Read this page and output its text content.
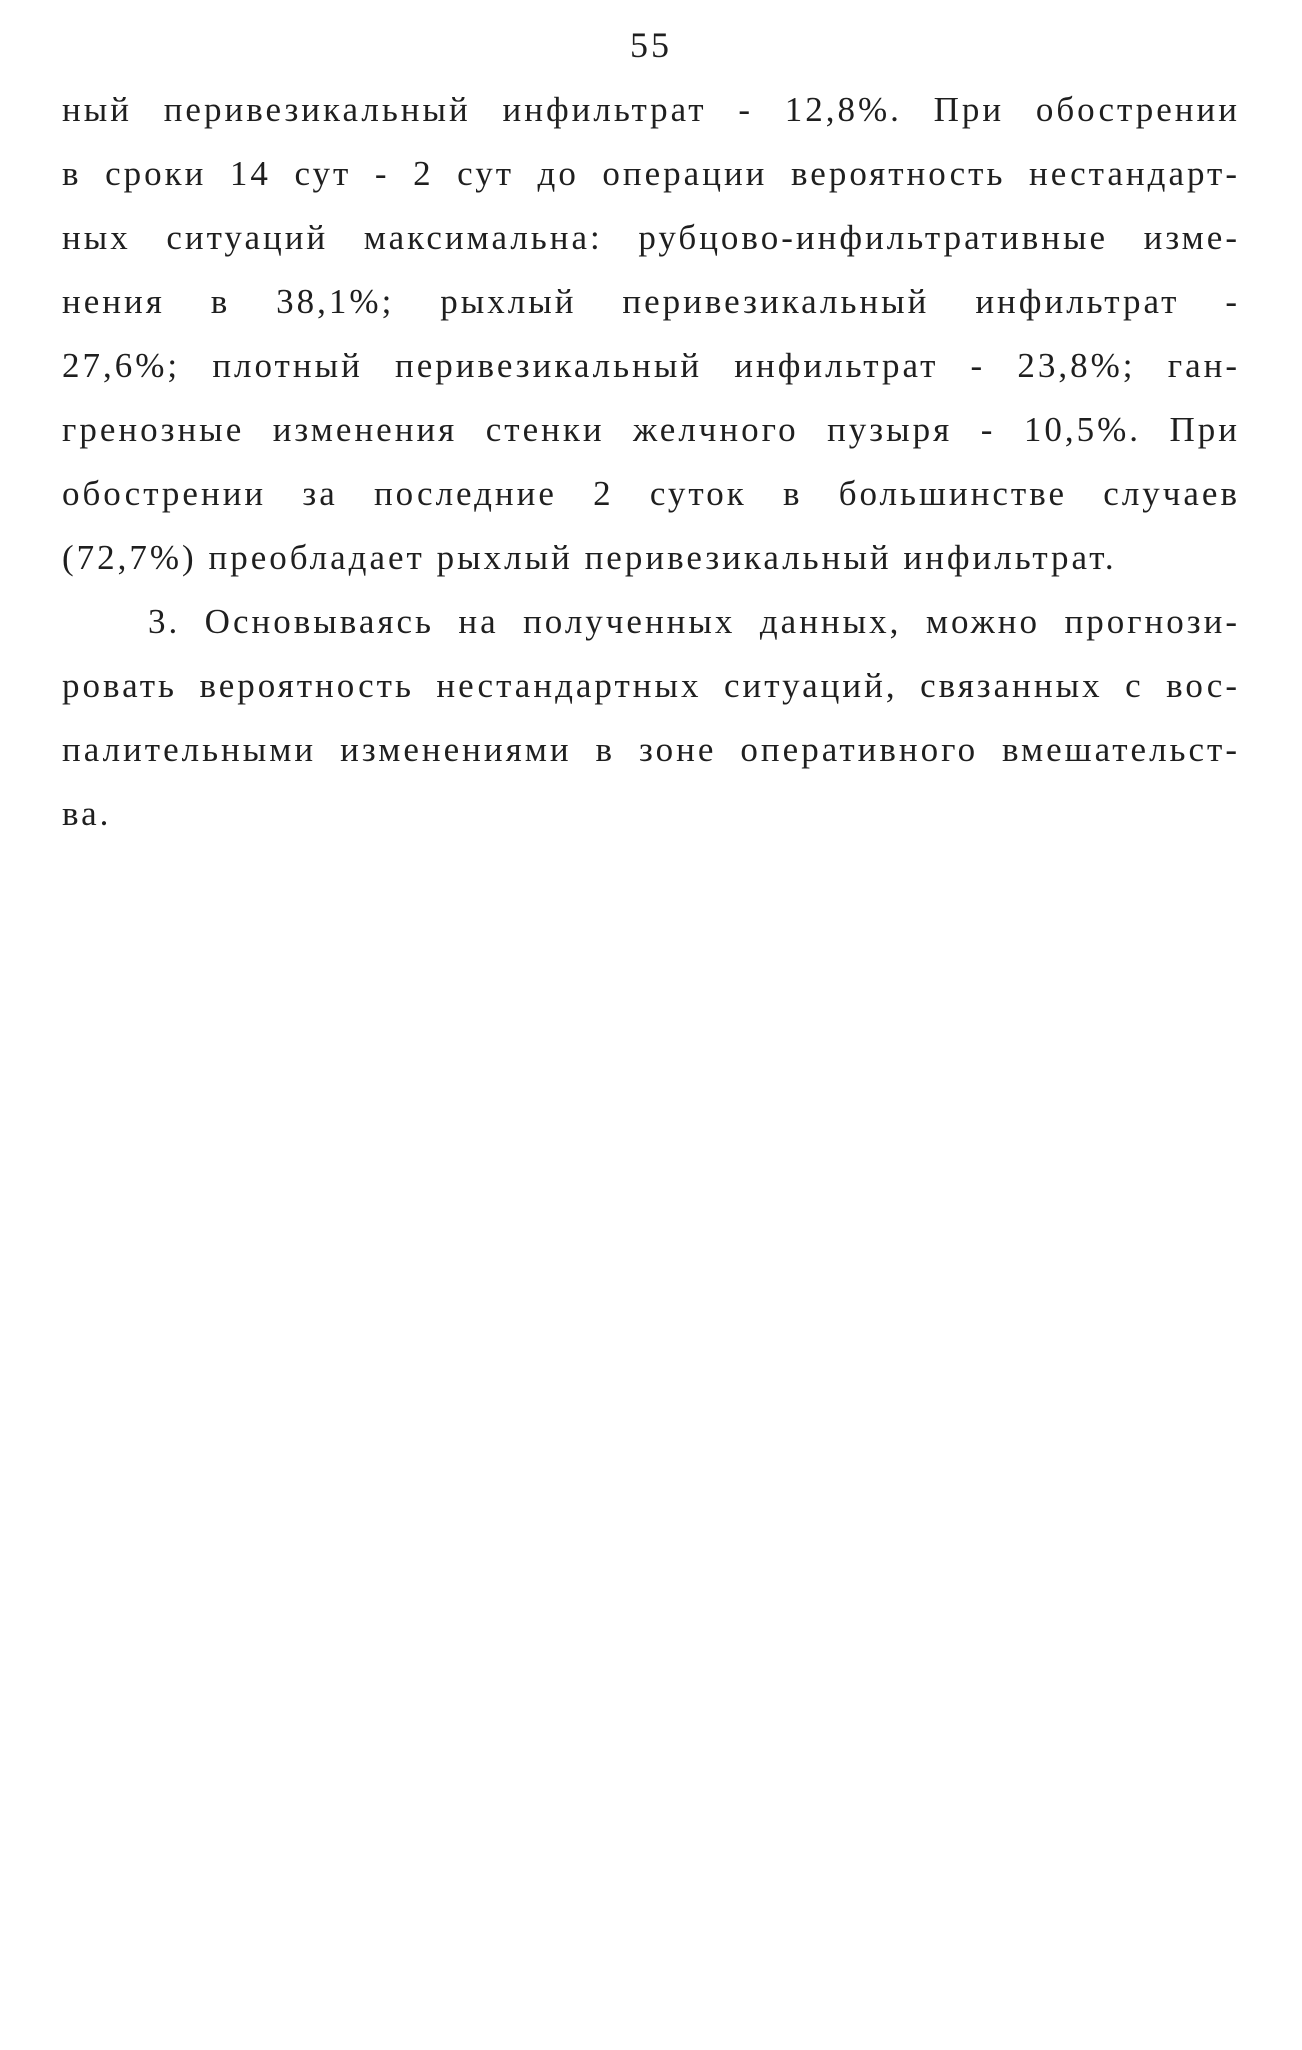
55
ный перивезикальный инфильтрат - 12,8%. При обострении
в сроки 14 сут - 2 сут до операции вероятность нестандарт-
ных ситуаций максимальна: рубцово-инфильтративные изме-
нения в 38,1%; рыхлый перивезикальный инфильтрат -
27,6%; плотный перивезикальный инфильтрат - 23,8%; ган-
гренозные изменения стенки желчного пузыря - 10,5%. При
обострении за последние 2 суток в большинстве случаев
(72,7%) преобладает рыхлый перивезикальный инфильтрат.
3. Основываясь на полученных данных, можно прогнози-
ровать вероятность нестандартных ситуаций, связанных с вос-
палительными изменениями в зоне оперативного вмешательст-
ва.
